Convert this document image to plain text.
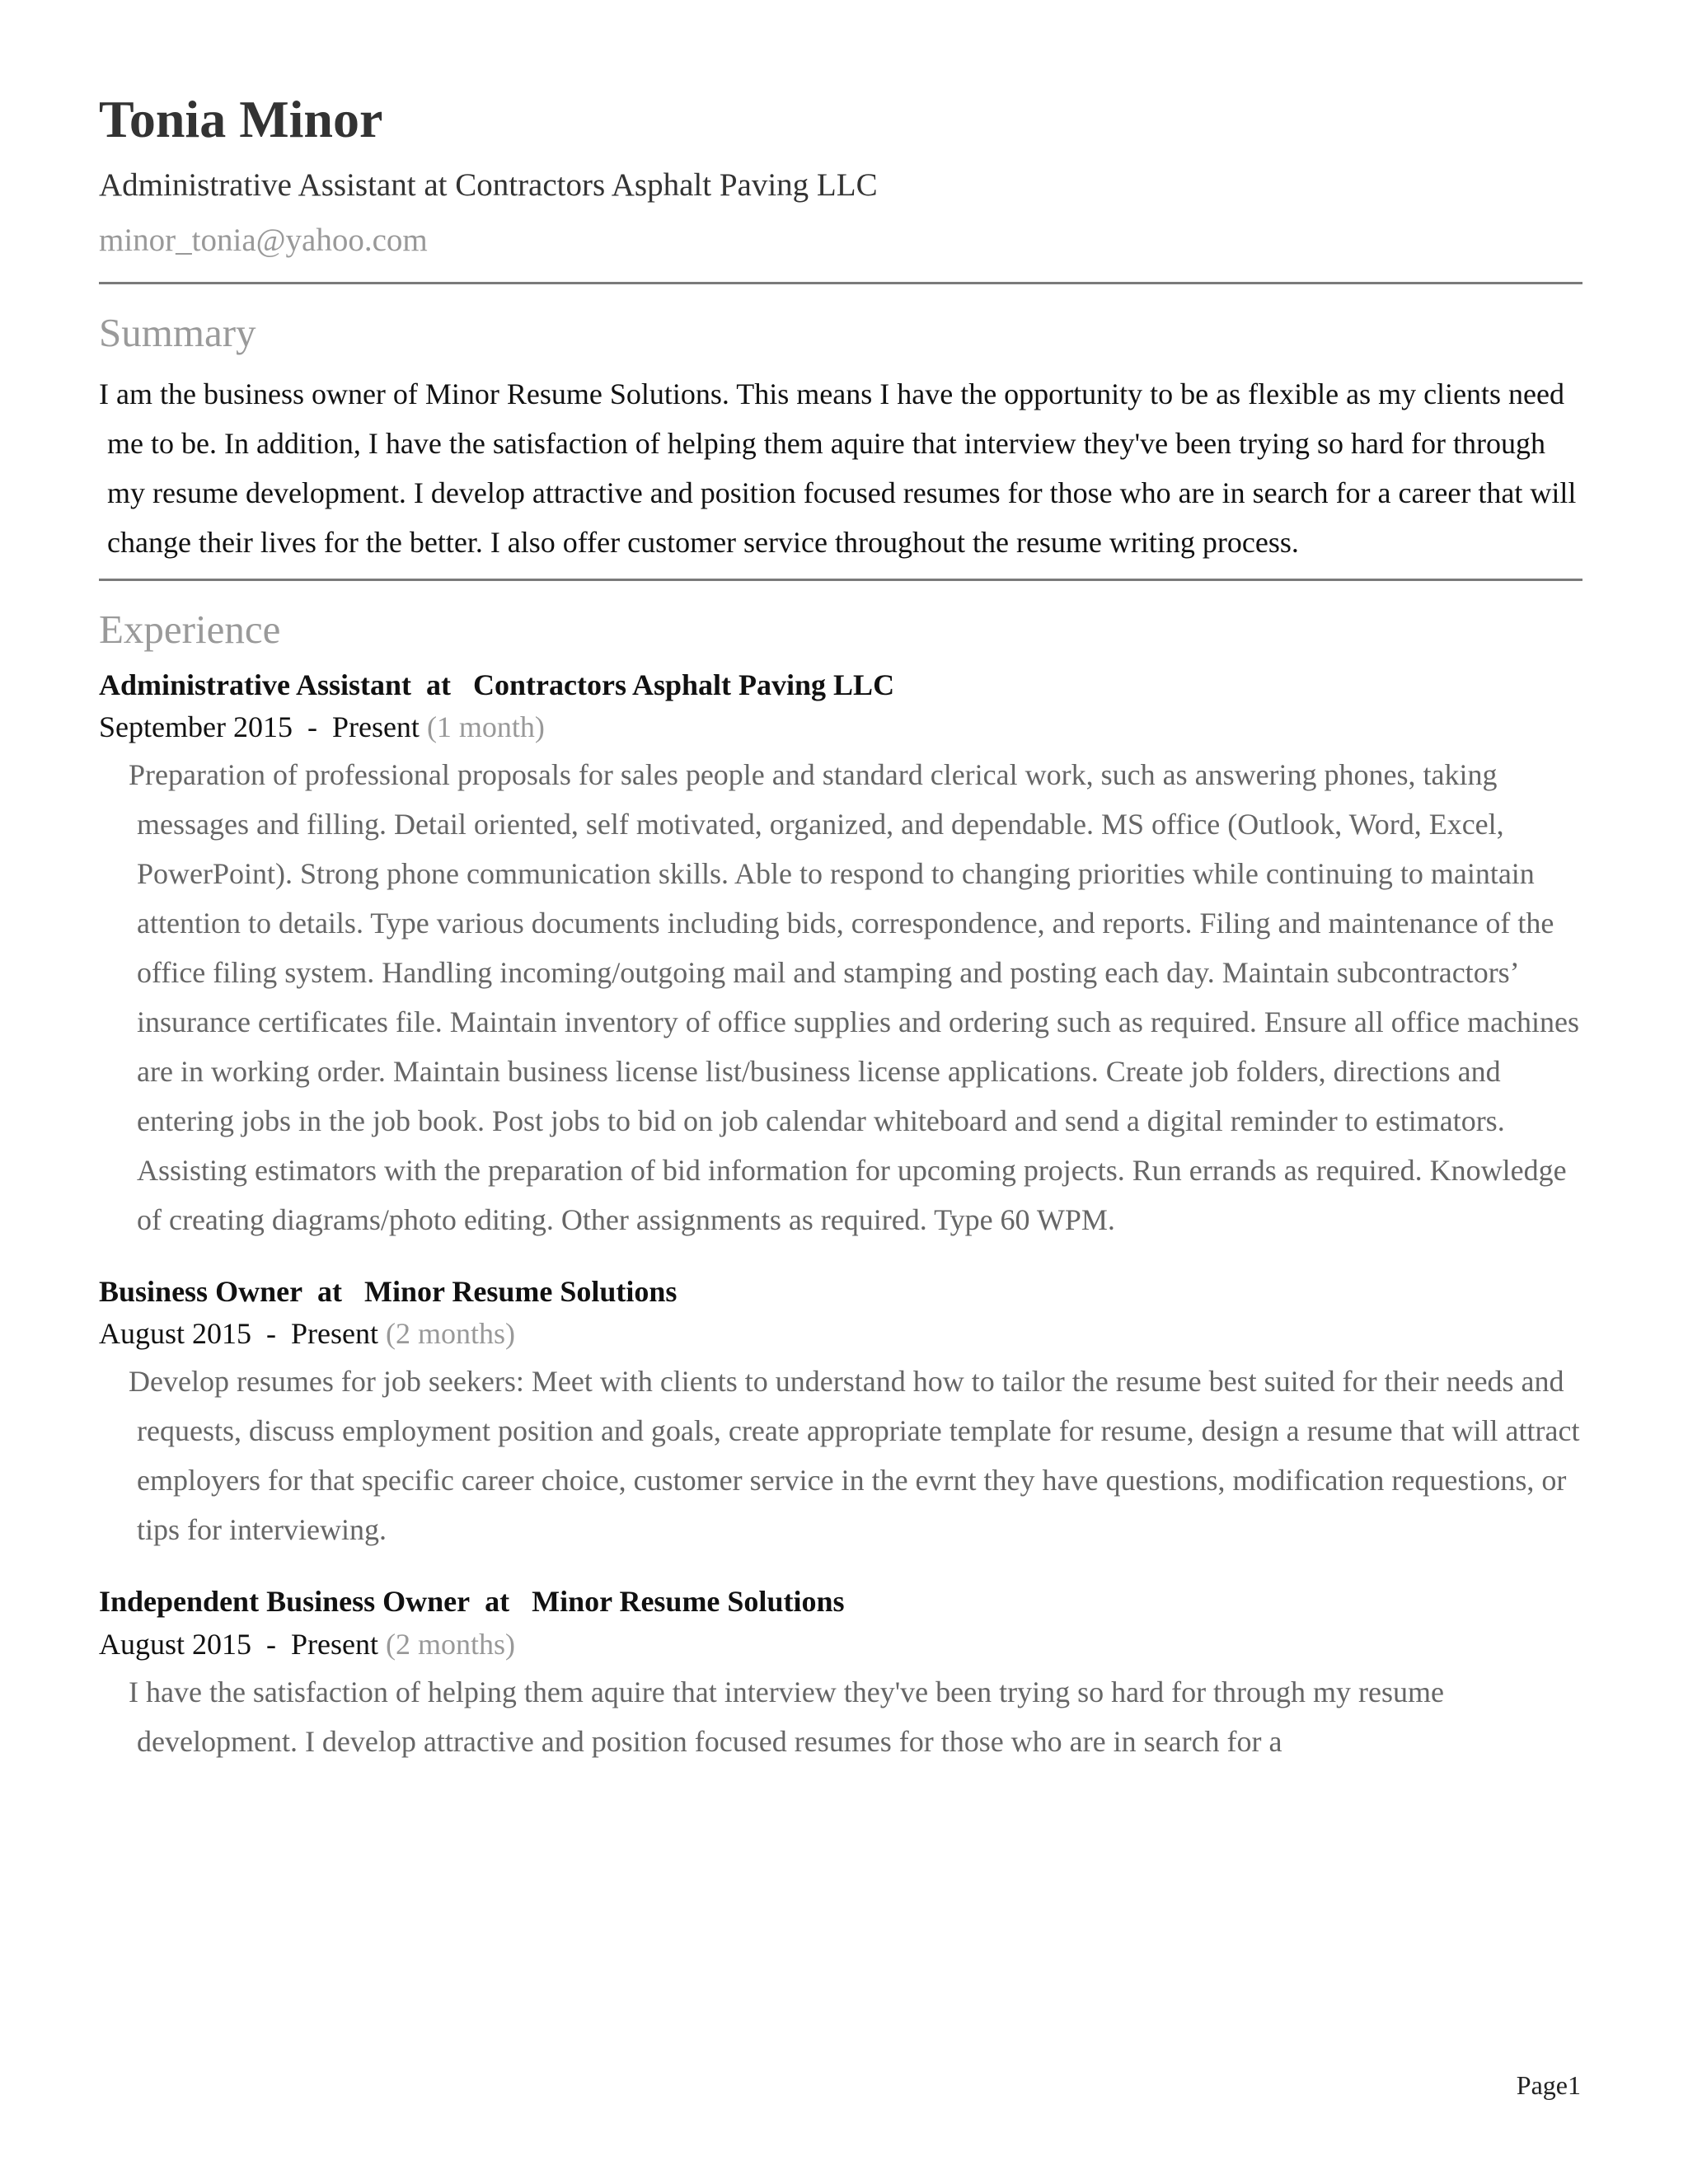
Tonia Minor
Administrative Assistant at Contractors Asphalt Paving LLC
minor_tonia@yahoo.com
Summary
I am the business owner of Minor Resume Solutions. This means I have the opportunity to be as flexible as my clients need me to be. In addition, I have the satisfaction of helping them aquire that interview they've been trying so hard for through my resume development. I develop attractive and position focused resumes for those who are in search for a career that will change their lives for the better. I also offer customer service throughout the resume writing process.
Experience
Administrative Assistant at Contractors Asphalt Paving LLC
September 2015 - Present (1 month)
Preparation of professional proposals for sales people and standard clerical work, such as answering phones, taking messages and filling. Detail oriented, self motivated, organized, and dependable. MS office (Outlook, Word, Excel, PowerPoint). Strong phone communication skills. Able to respond to changing priorities while continuing to maintain attention to details. Type various documents including bids, correspondence, and reports. Filing and maintenance of the office filing system. Handling incoming/outgoing mail and stamping and posting each day. Maintain subcontractors’ insurance certificates file. Maintain inventory of office supplies and ordering such as required. Ensure all office machines are in working order. Maintain business license list/business license applications. Create job folders, directions and entering jobs in the job book. Post jobs to bid on job calendar whiteboard and send a digital reminder to estimators. Assisting estimators with the preparation of bid information for upcoming projects. Run errands as required. Knowledge of creating diagrams/photo editing. Other assignments as required. Type 60 WPM.
Business Owner at Minor Resume Solutions
August 2015 - Present (2 months)
Develop resumes for job seekers: Meet with clients to understand how to tailor the resume best suited for their needs and requests, discuss employment position and goals, create appropriate template for resume, design a resume that will attract employers for that specific career choice, customer service in the evrnt they have questions, modification requestions, or tips for interviewing.
Independent Business Owner at Minor Resume Solutions
August 2015 - Present (2 months)
I have the satisfaction of helping them aquire that interview they've been trying so hard for through my resume development. I develop attractive and position focused resumes for those who are in search for a
Page1
